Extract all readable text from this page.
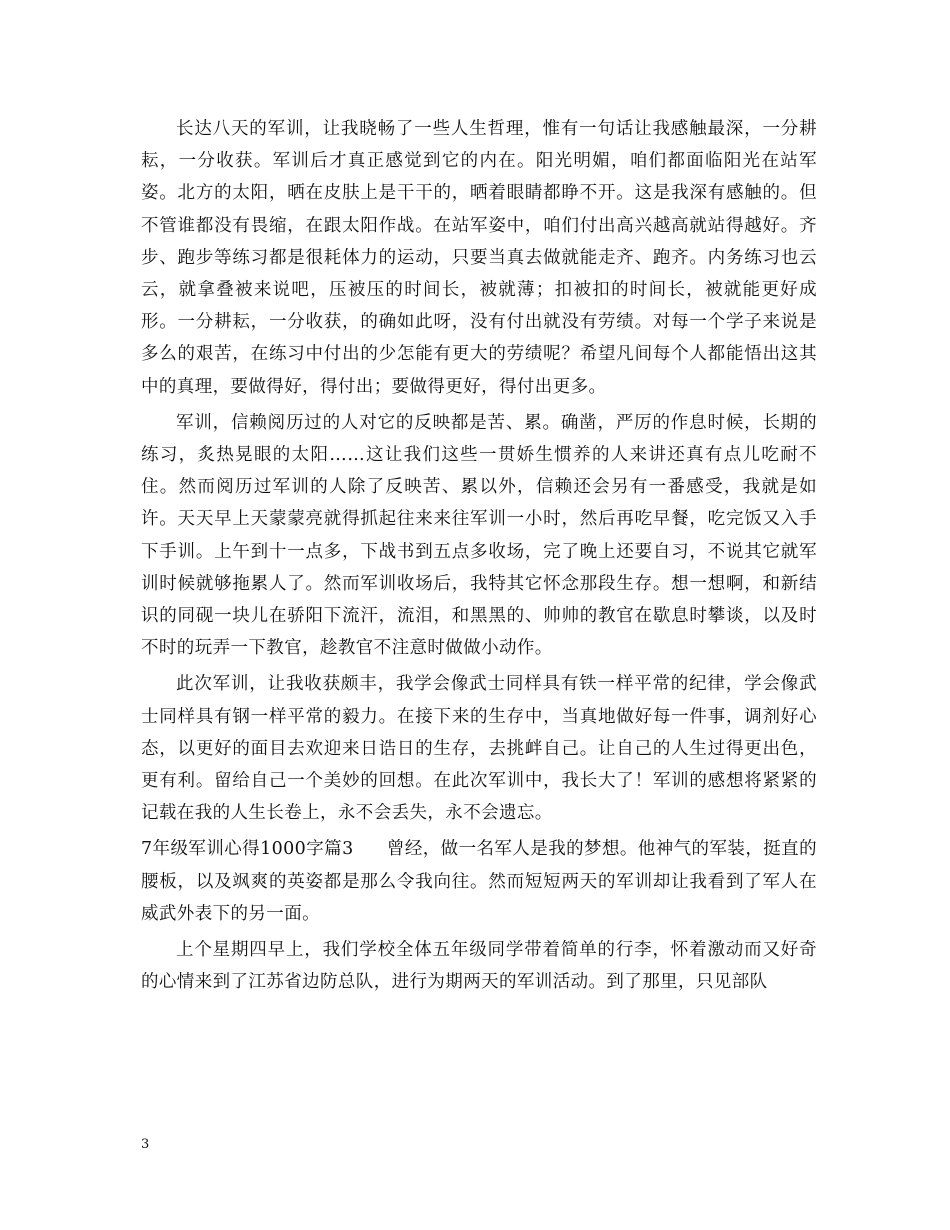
长达八天的军训，让我晓畅了一些人生哲理，惟有一句话让我感触最深，一分耕耘，一分收获。军训后才真正感觉到它的内在。阳光明媚，咱们都面临阳光在站军姿。北方的太阳，晒在皮肤上是干干的，晒着眼睛都睁不开。这是我深有感触的。但不管谁都没有畏缩，在跟太阳作战。在站军姿中，咱们付出高兴越高就站得越好。齐步、跑步等练习都是很耗体力的运动，只要当真去做就能走齐、跑齐。内务练习也云云，就拿叠被来说吧，压被压的时间长，被就薄；扣被扣的时间长，被就能更好成形。一分耕耘，一分收获，的确如此呀，没有付出就没有劳绩。对每一个学子来说是多么的艰苦，在练习中付出的少怎能有更大的劳绩呢？希望凡间每个人都能悟出这其中的真理，要做得好，得付出；要做得更好，得付出更多。

军训，信赖阅历过的人对它的反映都是苦、累。确凿，严厉的作息时候，长期的练习，炙热晃眼的太阳……这让我们这些一贯娇生惯养的人来讲还真有点儿吃耐不住。然而阅历过军训的人除了反映苦、累以外，信赖还会另有一番感受，我就是如许。天天早上天蒙蒙亮就得抓起往来来往军训一小时，然后再吃早餐，吃完饭又入手下手训。上午到十一点多，下战书到五点多收场，完了晚上还要自习，不说其它就军训时候就够拖累人了。然而军训收场后，我特其它怀念那段生存。想一想啊，和新结识的同砚一块儿在骄阳下流汗，流泪，和黑黑的、帅帅的教官在歇息时攀谈，以及时不时的玩弄一下教官，趁教官不注意时做做小动作。

此次军训，让我收获颇丰，我学会像武士同样具有铁一样平常的纪律，学会像武士同样具有钢一样平常的毅力。在接下来的生存中，当真地做好每一件事，调剂好心态，以更好的面目去欢迎来日诰日的生存，去挑衅自己。让自己的人生过得更出色，更有利。留给自己一个美妙的回想。在此次军训中，我长大了！军训的感想将紧紧的记载在我的人生长卷上，永不会丢失，永不会遗忘。

7年级军训心得1000字篇3 曾经，做一名军人是我的梦想。他神气的军装，挺直的腰板，以及飒爽的英姿都是那么令我向往。然而短短两天的军训却让我看到了军人在威武外表下的另一面。

上个星期四早上，我们学校全体五年级同学带着简单的行李，怀着激动而又好奇的心情来到了江苏省边防总队，进行为期两天的军训活动。到了那里，只见部队

3
